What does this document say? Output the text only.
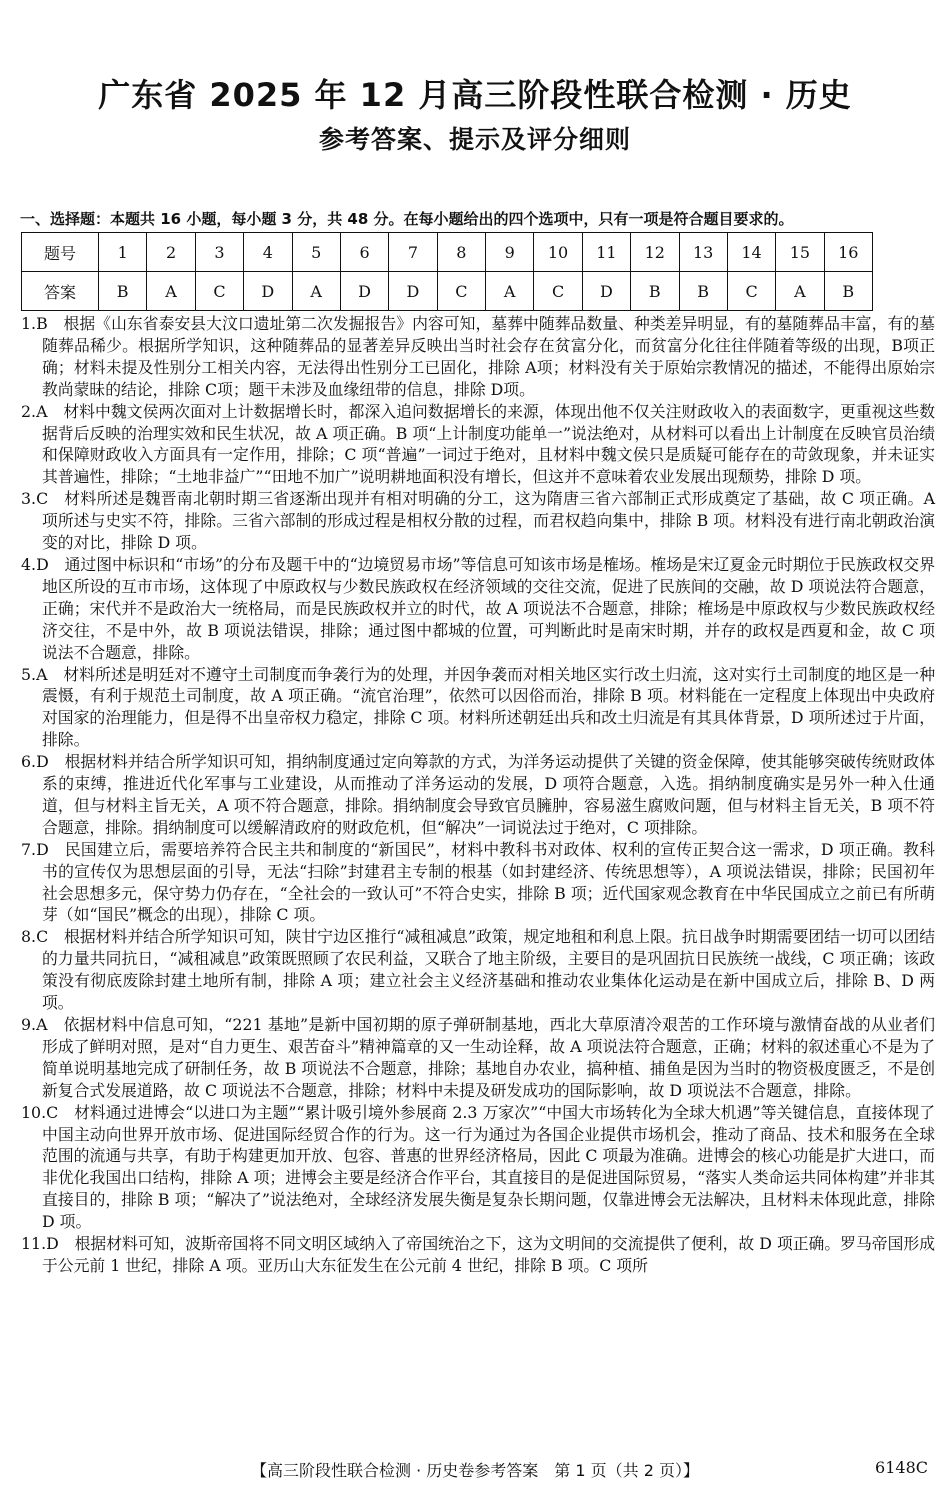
广东省 2025 年 12 月高三阶段性联合检测 · 历史
参考答案、提示及评分细则
一、选择题：本题共 16 小题，每小题 3 分，共 48 分。在每小题给出的四个选项中，只有一项是符合题目要求的。
题号	1	2	3	4	5	6	7	8	9	10	11	12	13	14	15	16
答案	B	A	C	D	A	D	D	C	A	C	D	B	B	C	A	B

1.B  根据《山东省泰安县大汶口遗址第二次发掘报告》内容可知，墓葬中随葬品数量、种类差异明显，有的墓随葬品丰富，有的墓随葬品稀少。根据所学知识，这种随葬品的显著差异反映出当时社会存在贫富分化，而贫富分化往往伴随着等级的出现，B项正确；材料未提及性别分工相关内容，无法得出性别分工已固化，排除 A项；材料没有关于原始宗教情况的描述，不能得出原始宗教尚蒙昧的结论，排除 C项；题干未涉及血缘纽带的信息，排除 D项。

2.A  材料中魏文侯两次面对上计数据增长时，都深入追问数据增长的来源，体现出他不仅关注财政收入的表面数字，更重视这些数据背后反映的治理实效和民生状况，故 A 项正确。B 项“上计制度功能单一”说法绝对，从材料可以看出上计制度在反映官员治绩和保障财政收入方面具有一定作用，排除；C 项“普遍”一词过于绝对，且材料中魏文侯只是质疑可能存在的苛敛现象，并未证实其普遍性，排除；“土地非益广”“田地不加广”说明耕地面积没有增长，但这并不意味着农业发展出现颓势，排除 D 项。

3.C  材料所述是魏晋南北朝时期三省逐渐出现并有相对明确的分工，这为隋唐三省六部制正式形成奠定了基础，故 C 项正确。A 项所述与史实不符，排除。三省六部制的形成过程是相权分散的过程，而君权趋向集中，排除 B 项。材料没有进行南北朝政治演变的对比，排除 D 项。

4.D  通过图中标识和“市场”的分布及题干中的“边境贸易市场”等信息可知该市场是榷场。榷场是宋辽夏金元时期位于民族政权交界地区所设的互市市场，这体现了中原政权与少数民族政权在经济领域的交往交流，促进了民族间的交融，故 D 项说法符合题意，正确；宋代并不是政治大一统格局，而是民族政权并立的时代，故 A 项说法不合题意，排除；榷场是中原政权与少数民族政权经济交往，不是中外，故 B 项说法错误，排除；通过图中都城的位置，可判断此时是南宋时期，并存的政权是西夏和金，故 C 项说法不合题意，排除。

5.A  材料所述是明廷对不遵守土司制度而争袭行为的处理，并因争袭而对相关地区实行改土归流，这对实行土司制度的地区是一种震慑，有利于规范土司制度，故 A 项正确。“流官治理”，依然可以因俗而治，排除 B 项。材料能在一定程度上体现出中央政府对国家的治理能力，但是得不出皇帝权力稳定，排除 C 项。材料所述朝廷出兵和改土归流是有其具体背景，D 项所述过于片面，排除。

6.D  根据材料并结合所学知识可知，捐纳制度通过定向筹款的方式，为洋务运动提供了关键的资金保障，使其能够突破传统财政体系的束缚，推进近代化军事与工业建设，从而推动了洋务运动的发展，D 项符合题意，入选。捐纳制度确实是另外一种入仕通道，但与材料主旨无关，A 项不符合题意，排除。捐纳制度会导致官员臃肿，容易滋生腐败问题，但与材料主旨无关，B 项不符合题意，排除。捐纳制度可以缓解清政府的财政危机，但“解决”一词说法过于绝对，C 项排除。

7.D  民国建立后，需要培养符合民主共和制度的“新国民”，材料中教科书对政体、权利的宣传正契合这一需求，D 项正确。教科书的宣传仅为思想层面的引导，无法“扫除”封建君主专制的根基（如封建经济、传统思想等），A 项说法错误，排除；民国初年社会思想多元，保守势力仍存在，“全社会的一致认可”不符合史实，排除 B 项；近代国家观念教育在中华民国成立之前已有所萌芽（如“国民”概念的出现），排除 C 项。

8.C  根据材料并结合所学知识可知，陕甘宁边区推行“减租减息”政策，规定地租和利息上限。抗日战争时期需要团结一切可以团结的力量共同抗日，“减租减息”政策既照顾了农民利益，又联合了地主阶级，主要目的是巩固抗日民族统一战线，C 项正确；该政策没有彻底废除封建土地所有制，排除 A 项；建立社会主义经济基础和推动农业集体化运动是在新中国成立后，排除 B、D 两项。

9.A  依据材料中信息可知，“221 基地”是新中国初期的原子弹研制基地，西北大草原清冷艰苦的工作环境与激情奋战的从业者们形成了鲜明对照，是对“自力更生、艰苦奋斗”精神篇章的又一生动诠释，故 A 项说法符合题意，正确；材料的叙述重心不是为了简单说明基地完成了研制任务，故 B 项说法不合题意，排除；基地自办农业，搞种植、捕鱼是因为当时的物资极度匮乏，不是创新复合式发展道路，故 C 项说法不合题意，排除；材料中未提及研发成功的国际影响，故 D 项说法不合题意，排除。

10.C  材料通过进博会“以进口为主题”“累计吸引境外参展商 2.3 万家次”“中国大市场转化为全球大机遇”等关键信息，直接体现了中国主动向世界开放市场、促进国际经贸合作的行为。这一行为通过为各国企业提供市场机会，推动了商品、技术和服务在全球范围的流通与共享，有助于构建更加开放、包容、普惠的世界经济格局，因此 C 项最为准确。进博会的核心功能是扩大进口，而非优化我国出口结构，排除 A 项；进博会主要是经济合作平台，其直接目的是促进国际贸易，“落实人类命运共同体构建”并非其直接目的，排除 B 项；“解决了”说法绝对，全球经济发展失衡是复杂长期问题，仅靠进博会无法解决，且材料未体现此意，排除 D 项。

11.D  根据材料可知，波斯帝国将不同文明区域纳入了帝国统治之下，这为文明间的交流提供了便利，故 D 项正确。罗马帝国形成于公元前 1 世纪，排除 A 项。亚历山大东征发生在公元前 4 世纪，排除 B 项。C 项所

【高三阶段性联合检测 · 历史卷参考答案　第 1 页（共 2 页）】	6148C
